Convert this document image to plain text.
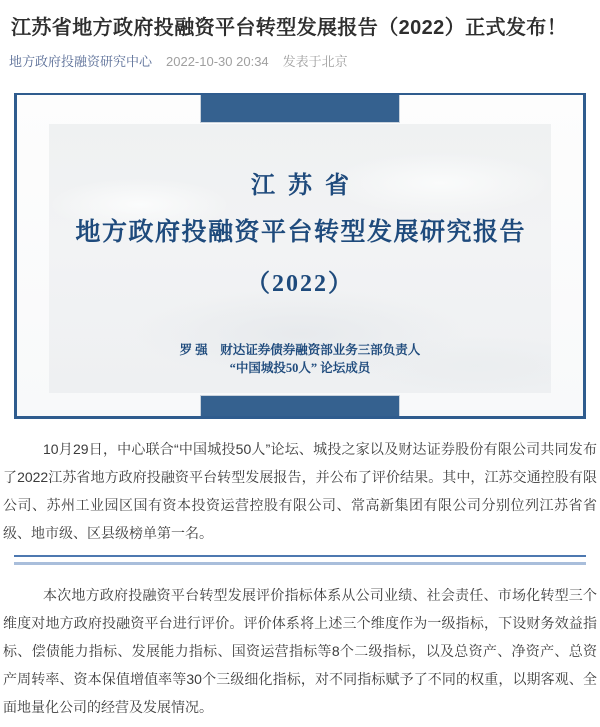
江苏省地方政府投融资平台转型发展报告（2022）正式发布！
地方政府投融资研究中心 2022-10-30 20:34 发表于北京
江苏省
地方政府投融资平台转型发展研究报告
（2022）
罗 强　财达证券债券融资部业务三部负责人
“中国城投50人” 论坛成员

10月29日，中心联合“中国城投50人”论坛、城投之家以及财达证券股份有限公司共同发布了2022江苏省地方政府投融资平台转型发展报告，并公布了评价结果。其中，江苏交通控股有限公司、苏州工业园区国有资本投资运营控股有限公司、常高新集团有限公司分别位列江苏省省级、地市级、区县级榜单第一名。

本次地方政府投融资平台转型发展评价指标体系从公司业绩、社会责任、市场化转型三个维度对地方政府投融资平台进行评价。评价体系将上述三个维度作为一级指标，下设财务效益指标、偿债能力指标、发展能力指标、国资运营指标等8个二级指标，以及总资产、净资产、总资产周转率、资本保值增值率等30个三级细化指标，对不同指标赋予了不同的权重，以期客观、全面地量化公司的经营及发展情况。
